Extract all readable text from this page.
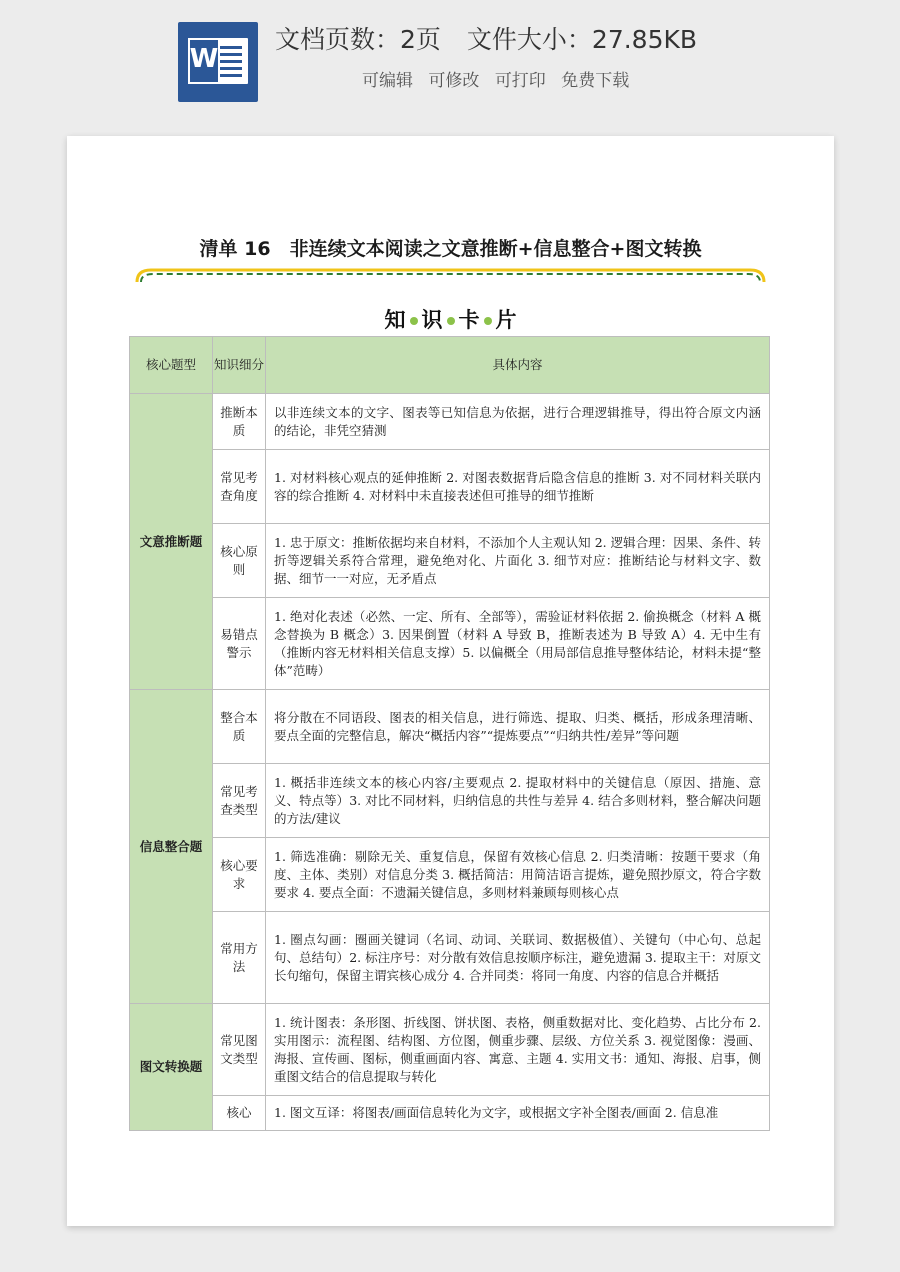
W
文档页数：2页 文件大小：27.85KB
可编辑 可修改 可打印 免费下载
清单 16　非连续文本阅读之文意推断+信息整合+图文转换
知 识 卡 片
核心题型	知识细分	具体内容
文意推断题	推断本质	以非连续文本的文字、图表等已知信息为依据，进行合理逻辑推导，得出符合原文内涵的结论，非凭空猜测
	常见考查角度	1. 对材料核心观点的延伸推断 2. 对图表数据背后隐含信息的推断 3. 对不同材料关联内容的综合推断 4. 对材料中未直接表述但可推导的细节推断
	核心原则	1. 忠于原文：推断依据均来自材料，不添加个人主观认知 2. 逻辑合理：因果、条件、转折等逻辑关系符合常理，避免绝对化、片面化 3. 细节对应：推断结论与材料文字、数据、细节一一对应，无矛盾点
	易错点警示	1. 绝对化表述（必然、一定、所有、全部等），需验证材料依据 2. 偷换概念（材料 A 概念替换为 B 概念）3. 因果倒置（材料 A 导致 B，推断表述为 B 导致 A）4. 无中生有（推断内容无材料相关信息支撑）5. 以偏概全（用局部信息推导整体结论，材料未提“整体”范畴）
信息整合题	整合本质	将分散在不同语段、图表的相关信息，进行筛选、提取、归类、概括，形成条理清晰、要点全面的完整信息，解决“概括内容”“提炼要点”“归纳共性/差异”等问题
	常见考查类型	1. 概括非连续文本的核心内容/主要观点 2. 提取材料中的关键信息（原因、措施、意义、特点等）3. 对比不同材料，归纳信息的共性与差异 4. 结合多则材料，整合解决问题的方法/建议
	核心要求	1. 筛选准确：剔除无关、重复信息，保留有效核心信息 2. 归类清晰：按题干要求（角度、主体、类别）对信息分类 3. 概括简洁：用简洁语言提炼，避免照抄原文，符合字数要求 4. 要点全面：不遗漏关键信息，多则材料兼顾每则核心点
	常用方法	1. 圈点勾画：圈画关键词（名词、动词、关联词、数据极值）、关键句（中心句、总起句、总结句）2. 标注序号：对分散有效信息按顺序标注，避免遗漏 3. 提取主干：对原文长句缩句，保留主谓宾核心成分 4. 合并同类：将同一角度、内容的信息合并概括
图文转换题	常见图文类型	1. 统计图表：条形图、折线图、饼状图、表格，侧重数据对比、变化趋势、占比分布 2. 实用图示：流程图、结构图、方位图，侧重步骤、层级、方位关系 3. 视觉图像：漫画、海报、宣传画、图标，侧重画面内容、寓意、主题 4. 实用文书：通知、海报、启事，侧重图文结合的信息提取与转化

	核心	1. 图文互译：将图表/画面信息转化为文字，或根据文字补全图表/画面 2. 信息准
